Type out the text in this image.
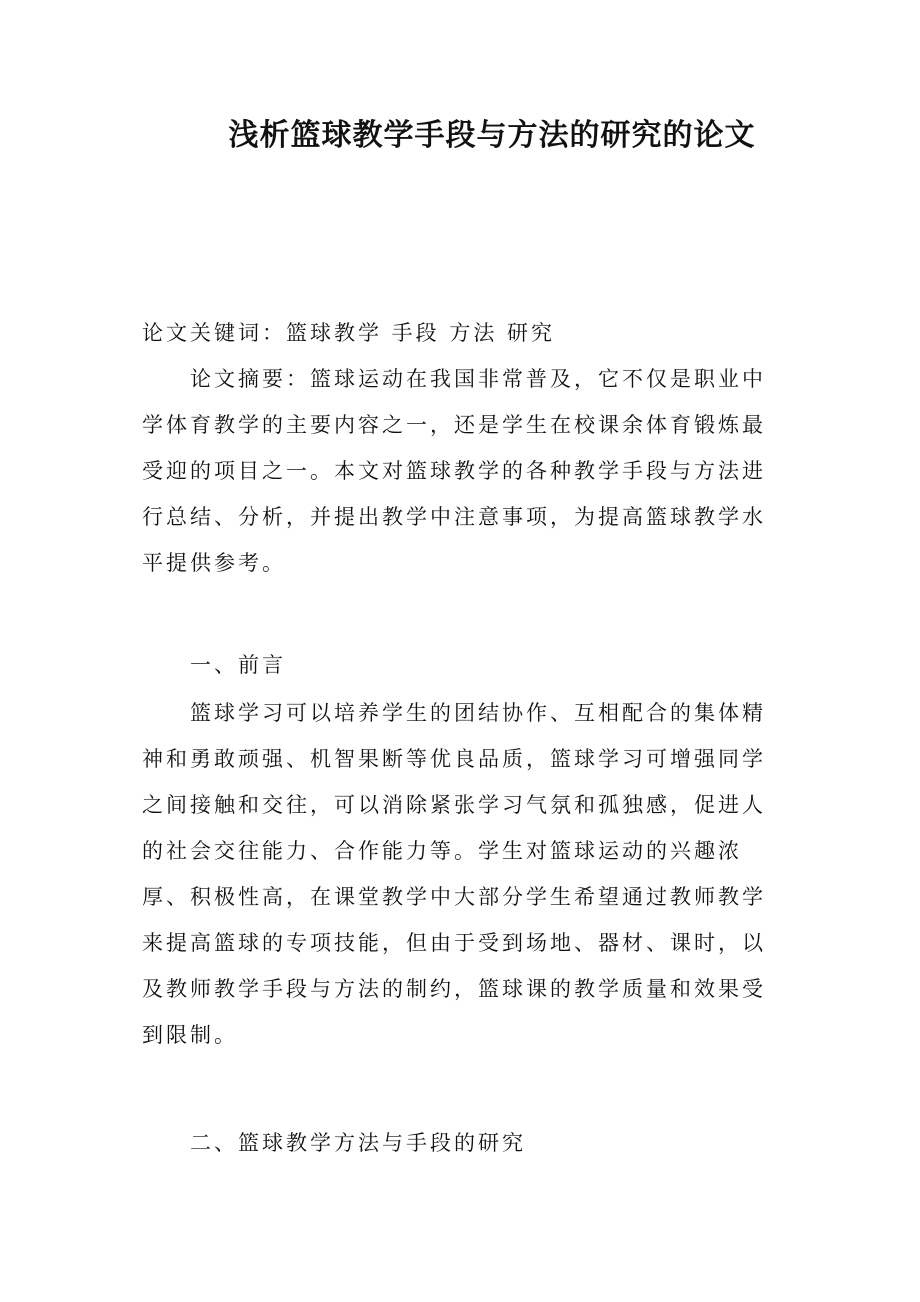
浅析篮球教学手段与方法的研究的论文

论文关键词：篮球教学 手段 方法 研究

论文摘要：篮球运动在我国非常普及，它不仅是职业中学体育教学的主要内容之一，还是学生在校课余体育锻炼最受迎的项目之一。本文对篮球教学的各种教学手段与方法进行总结、分析，并提出教学中注意事项，为提高篮球教学水平提供参考。

一、前言

篮球学习可以培养学生的团结协作、互相配合的集体精神和勇敢顽强、机智果断等优良品质，篮球学习可增强同学之间接触和交往，可以消除紧张学习气氛和孤独感，促进人的社会交往能力、合作能力等。学生对篮球运动的兴趣浓厚、积极性高，在课堂教学中大部分学生希望通过教师教学来提高篮球的专项技能，但由于受到场地、器材、课时，以及教师教学手段与方法的制约，篮球课的教学质量和效果受到限制。

二、篮球教学方法与手段的研究
